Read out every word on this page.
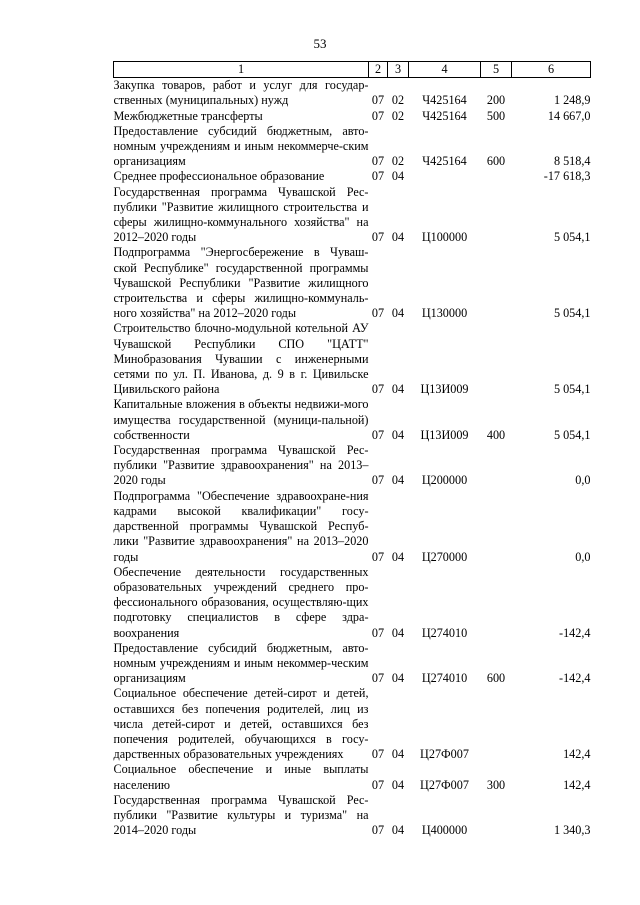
53
1	2	3	4	5	6
Закупка товаров, работ и услуг для государ-ственных (муниципальных) нужд	07	02	Ч425164	200	1 248,9
Межбюджетные трансферты	07	02	Ч425164	500	14 667,0
Предоставление субсидий бюджетным, авто-номным учреждениям и иным некоммерче-ским организациям	07	02	Ч425164	600	8 518,4
Среднее профессиональное образование	07	04			-17 618,3
Государственная программа Чувашской Рес-публики "Развитие жилищного строительства и сферы жилищно-коммунального хозяйства" на 2012–2020 годы	07	04	Ц100000		5 054,1
Подпрограмма "Энергосбережение в Чуваш-ской Республике" государственной программы Чувашской Республики "Развитие жилищного строительства и сферы жилищно-коммуналь-ного хозяйства" на 2012–2020 годы	07	04	Ц130000		5 054,1
Строительство блочно-модульной котельной АУ Чувашской Республики СПО "ЦАТТ" Минобразования Чувашии с инженерными сетями по ул. П. Иванова, д. 9 в г. Цивильске Цивильского района	07	04	Ц13И009		5 054,1
Капитальные вложения в объекты недвижи-мого имущества государственной (муници-пальной) собственности	07	04	Ц13И009	400	5 054,1
Государственная программа Чувашской Рес-публики "Развитие здравоохранения" на 2013–2020 годы	07	04	Ц200000		0,0
Подпрограмма "Обеспечение здравоохране-ния кадрами высокой квалификации" госу-дарственной программы Чувашской Респуб-лики "Развитие здравоохранения" на 2013–2020 годы	07	04	Ц270000		0,0
Обеспечение деятельности государственных образовательных учреждений среднего про-фессионального образования, осуществляю-щих подготовку специалистов в сфере здра-воохранения	07	04	Ц274010		-142,4
Предоставление субсидий бюджетным, авто-номным учреждениям и иным некоммер-ческим организациям	07	04	Ц274010	600	-142,4
Социальное обеспечение детей-сирот и детей, оставшихся без попечения родителей, лиц из числа детей-сирот и детей, оставшихся без попечения родителей, обучающихся в госу-дарственных образовательных учреждениях	07	04	Ц27Ф007		142,4
Социальное обеспечение и иные выплаты населению	07	04	Ц27Ф007	300	142,4
Государственная программа Чувашской Рес-публики "Развитие культуры и туризма" на 2014–2020 годы	07	04	Ц400000		1 340,3
